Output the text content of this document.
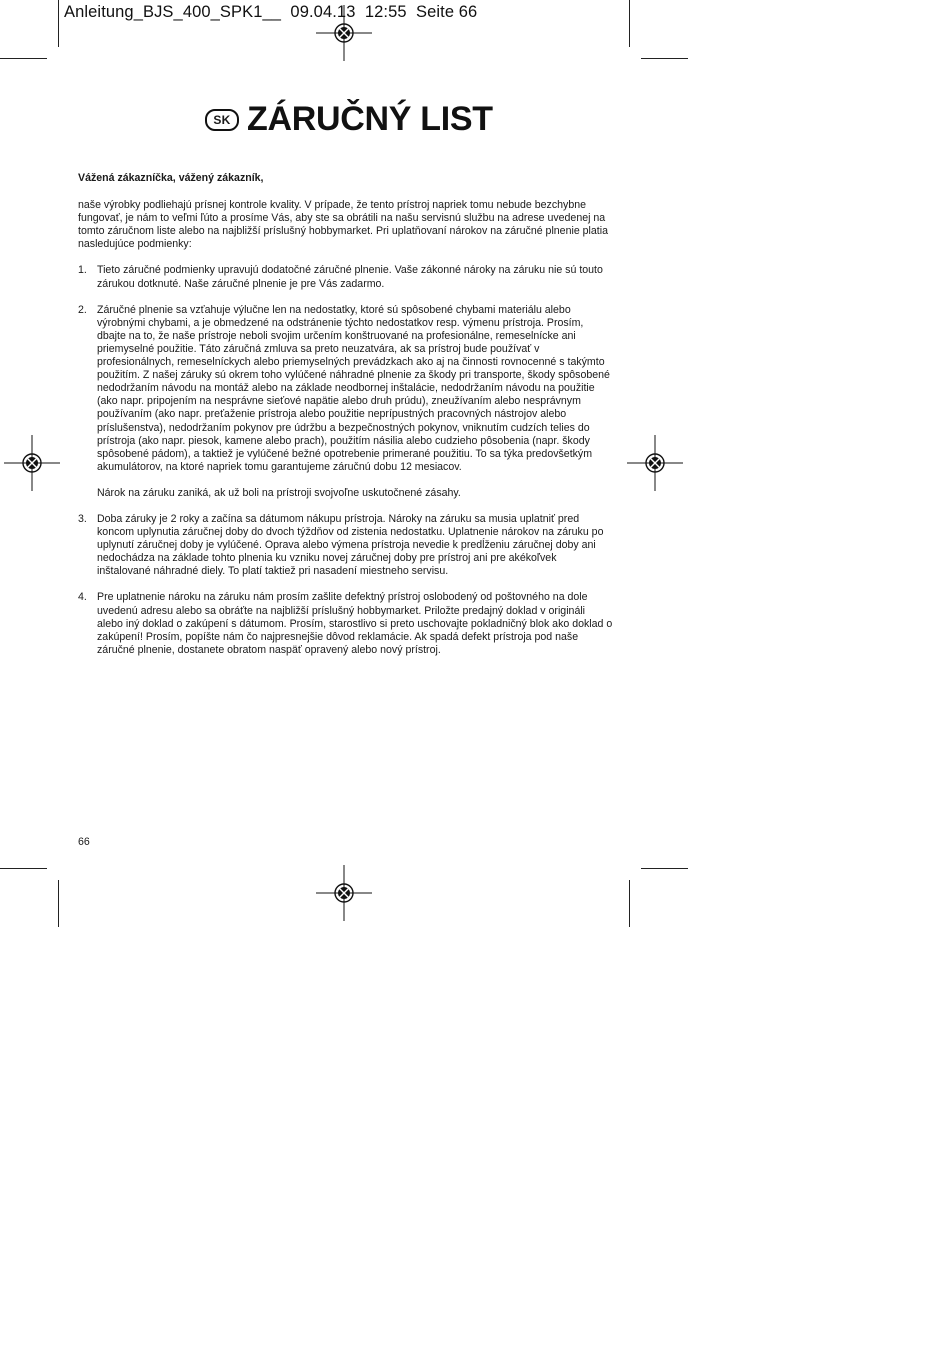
Anleitung_BJS_400_SPK1__  09.04.13  12:55  Seite 66
SK ZÁRUČNÝ LIST

Vážená zákazníčka, vážený zákazník,

naše výrobky podliehajú prísnej kontrole kvality. V prípade, že tento prístroj napriek tomu nebude bezchybne fungovať, je nám to veľmi ľúto a prosíme Vás, aby ste sa obrátili na našu servisnú službu na adrese uvedenej na tomto záručnom liste alebo na najbližší príslušný hobbymarket. Pri uplatňovaní nárokov na záručné plnenie platia nasledujúce podmienky:

1. Tieto záručné podmienky upravujú dodatočné záručné plnenie. Vaše zákonné nároky na záruku nie sú touto zárukou dotknuté. Naše záručné plnenie je pre Vás zadarmo.

2. Záručné plnenie sa vzťahuje výlučne len na nedostatky, ktoré sú spôsobené chybami materiálu alebo výrobnými chybami, a je obmedzené na odstránenie týchto nedostatkov resp. výmenu prístroja. Prosím, dbajte na to, že naše prístroje neboli svojim určením konštruované na profesionálne, remeselnícke ani priemyselné použitie. Táto záručná zmluva sa preto neuzatvára, ak sa prístroj bude používať v profesionálnych, remeselníckych alebo priemyselných prevádzkach ako aj na činnosti rovnocenné s takýmto použitím. Z našej záruky sú okrem toho vylúčené náhradné plnenie za škody pri transporte, škody spôsobené nedodržaním návodu na montáž alebo na základe neodbornej inštalácie, nedodržaním návodu na použitie (ako napr. pripojením na nesprávne sieťové napätie alebo druh prúdu), zneužívaním alebo nesprávnym používaním (ako napr. preťaženie prístroja alebo použitie neprípustných pracovných nástrojov alebo príslušenstva), nedodržaním pokynov pre údržbu a bezpečnostných pokynov, vniknutím cudzích telies do prístroja (ako napr. piesok, kamene alebo prach), použitím násilia alebo cudzieho pôsobenia (napr. škody spôsobené pádom), a taktiež je vylúčené bežné opotrebenie primerané použitiu. To sa týka predovšetkým akumulátorov, na ktoré napriek tomu garantujeme záručnú dobu 12 mesiacov.

Nárok na záruku zaniká, ak už boli na prístroji svojvoľne uskutočnené zásahy.

3. Doba záruky je 2 roky a začína sa dátumom nákupu prístroja. Nároky na záruku sa musia uplatniť pred koncom uplynutia záručnej doby do dvoch týždňov od zistenia nedostatku. Uplatnenie nárokov na záruku po uplynutí záručnej doby je vylúčené. Oprava alebo výmena prístroja nevedie k predĺženiu záručnej doby ani nedochádza na základe tohto plnenia ku vzniku novej záručnej doby pre prístroj ani pre akékoľvek inštalované náhradné diely. To platí taktiež pri nasadení miestneho servisu.

4. Pre uplatnenie nároku na záruku nám prosím zašlite defektný prístroj oslobodený od poštovného na dole uvedenú adresu alebo sa obráťte na najbližší príslušný hobbymarket. Priložte predajný doklad v origináli alebo iný doklad o zakúpení s dátumom. Prosím, starostlivo si preto uschovajte pokladničný blok ako doklad o zakúpení! Prosím, popíšte nám čo najpresnejšie dôvod reklamácie. Ak spadá defekt prístroja pod naše záručné plnenie, dostanete obratom naspäť opravený alebo nový prístroj.

66
